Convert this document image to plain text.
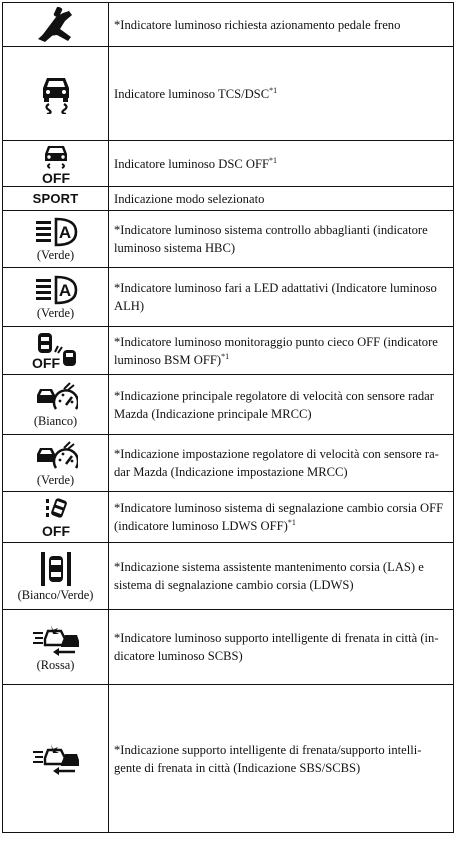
	*Indicatore luminoso richiesta azionamento pedale freno

	Indicatore luminoso TCS/DSC$^{*1}$

OFF	Indicatore luminoso DSC OFF$^{*1}$
SPORT	Indicazione modo selezionato

A
(Verde)	*Indicatore luminoso sistema controllo abbaglianti (indicatore luminoso sistema HBC)

A
(Verde)	*Indicatore luminoso fari a LED adattativi (Indicatore luminoso ALH)

OFF	*Indicatore luminoso monitoraggio punto cieco OFF (indicatore luminoso BSM OFF)$^{*1}$

(Bianco)	*Indicazione principale regolatore di velocità con sensore radar Mazda (Indicazione principale MRCC)

(Verde)	*Indicazione impostazione regolatore di velocità con sensore ra- dar Mazda (Indicazione impostazione MRCC)

OFF	*Indicatore luminoso sistema di segnalazione cambio corsia OFF (indicatore luminoso LDWS OFF)$^{*1}$

(Bianco/Verde)	*Indicazione sistema assistente mantenimento corsia (LAS) e sistema di segnalazione cambio corsia (LDWS)

(Rossa)	*Indicatore luminoso supporto intelligente di frenata in città (in- dicatore luminoso SCBS)

	*Indicazione supporto intelligente di frenata/supporto intelli- gente di frenata in città (Indicazione SBS/SCBS)
